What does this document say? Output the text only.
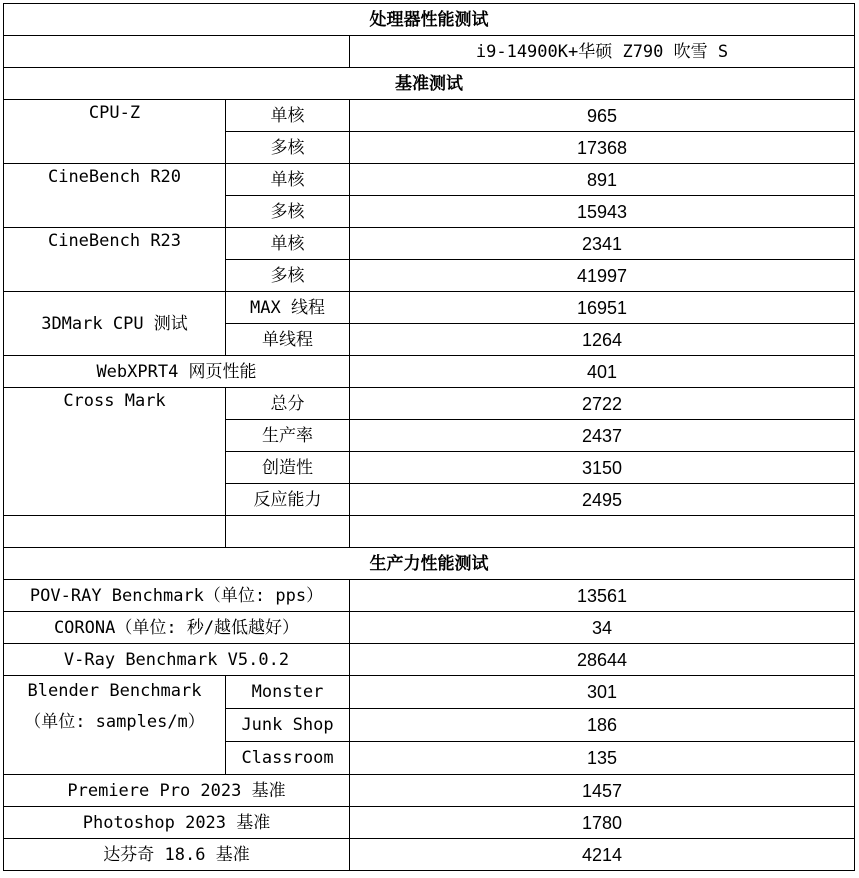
处理器性能测试		
		i9-14900K+华硕 Z790 吹雪 S
基准测试		
CPU-Z	单核	965
	多核	17368
CineBench R20	单核	891
	多核	15943
CineBench R23	单核	2341
	多核	41997
3DMark CPU 测试	MAX 线程	16951
	单线程	1264
WebXPRT4 网页性能		401
Cross Mark	总分	2722
	生产率	2437
	创造性	3150
	反应能力	2495

生产力性能测试		
POV-RAY Benchmark（单位: pps）		13561
CORONA（单位: 秒/越低越好）		34
V-Ray Benchmark V5.0.2		28644
Blender Benchmark
（单位: samples/m）	Monster	301
	Junk Shop	186
	Classroom	135
Premiere Pro 2023 基准		1457
Photoshop 2023 基准		1780
达芬奇 18.6 基准		4214
